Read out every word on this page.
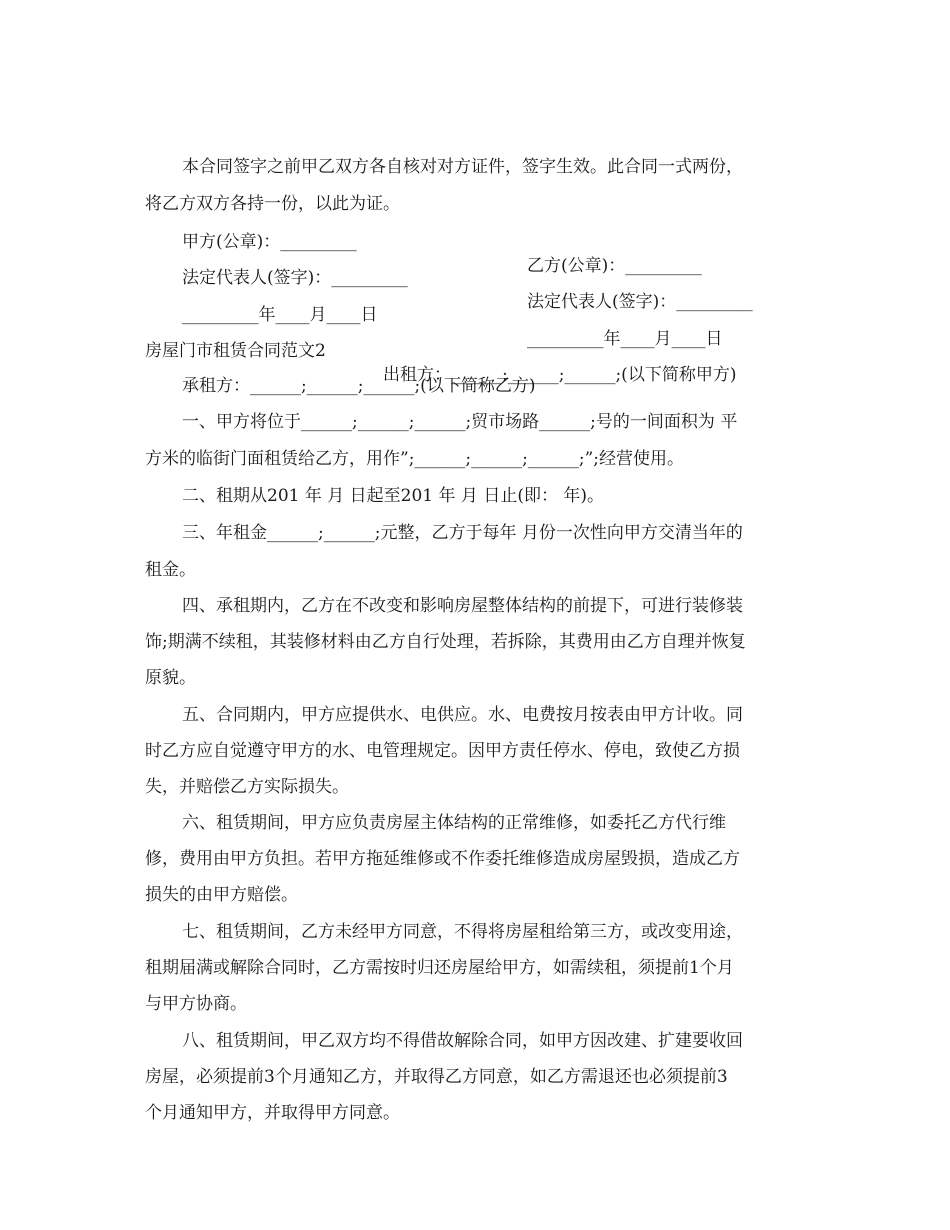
本合同签字之前甲乙双方各自核对对方证件，签字生效。此合同一式两份，

将乙方双方各持一份，以此为证。

甲方(公章)：_________

乙方(公章)：_________

法定代表人(签字)：_________

法定代表人(签字)：_________

_________年____月____日

_________年____月____日

房屋门市租赁合同范文2

出租方：______;______;______;(以下简称甲方)

承租方：______;______;______;(以下简称乙方)

一、甲方将位于______;______;______;贸市场路______;号的一间面积为 平

方米的临街门面租赁给乙方，用作”;______;______;______;”;经营使用。

二、租期从201 年 月 日起至201 年 月 日止(即： 年)。

三、年租金______;______;元整，乙方于每年 月份一次性向甲方交清当年的

租金。

四、承租期内，乙方在不改变和影响房屋整体结构的前提下，可进行装修装

饰;期满不续租，其装修材料由乙方自行处理，若拆除，其费用由乙方自理并恢复

原貌。

五、合同期内，甲方应提供水、电供应。水、电费按月按表由甲方计收。同

时乙方应自觉遵守甲方的水、电管理规定。因甲方责任停水、停电，致使乙方损

失，并赔偿乙方实际损失。

六、租赁期间，甲方应负责房屋主体结构的正常维修，如委托乙方代行维

修，费用由甲方负担。若甲方拖延维修或不作委托维修造成房屋毁损，造成乙方

损失的由甲方赔偿。

七、租赁期间，乙方未经甲方同意，不得将房屋租给第三方，或改变用途，

租期届满或解除合同时，乙方需按时归还房屋给甲方，如需续租，须提前1个月

与甲方协商。

八、租赁期间，甲乙双方均不得借故解除合同，如甲方因改建、扩建要收回

房屋，必须提前3个月通知乙方，并取得乙方同意，如乙方需退还也必须提前3

个月通知甲方，并取得甲方同意。
